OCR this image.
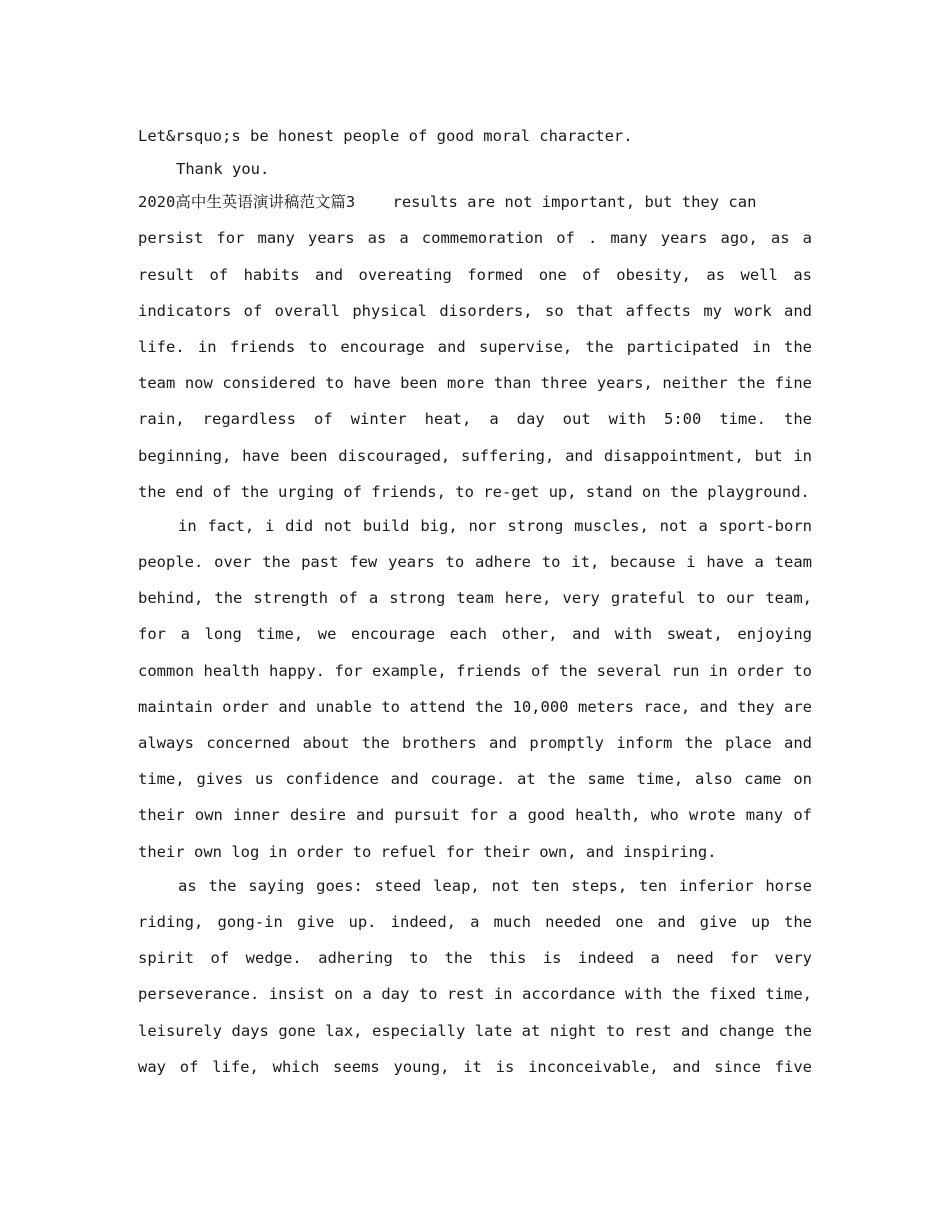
Let&rsquo;s be honest people of good moral character.
Thank you.
2020高中生英语演讲稿范文篇3    results are not important, but they can
persist for many years as a commemoration of . many years ago, as a
result of habits and overeating formed one of obesity, as well as
indicators of overall physical disorders, so that affects my work and
life. in friends to encourage and supervise, the participated in the
team now considered to have been more than three years, neither the fine
rain, regardless of winter heat, a day out with 5:00 time. the
beginning, have been discouraged, suffering, and disappointment, but in
the end of the urging of friends, to re-get up, stand on the playground.
in fact, i did not build big, nor strong muscles, not a sport-born
people. over the past few years to adhere to it, because i have a team
behind, the strength of a strong team here, very grateful to our team,
for a long time, we encourage each other, and with sweat, enjoying
common health happy. for example, friends of the several run in order to
maintain order and unable to attend the 10,000 meters race, and they are
always concerned about the brothers and promptly inform the place and
time, gives us confidence and courage. at the same time, also came on
their own inner desire and pursuit for a good health, who wrote many of
their own log in order to refuel for their own, and inspiring.
as the saying goes: steed leap, not ten steps, ten inferior horse
riding, gong-in give up. indeed, a much needed one and give up the
spirit of wedge. adhering to the this is indeed a need for very
perseverance. insist on a day to rest in accordance with the fixed time,
leisurely days gone lax, especially late at night to rest and change the
way of life, which seems young, it is inconceivable, and since five
